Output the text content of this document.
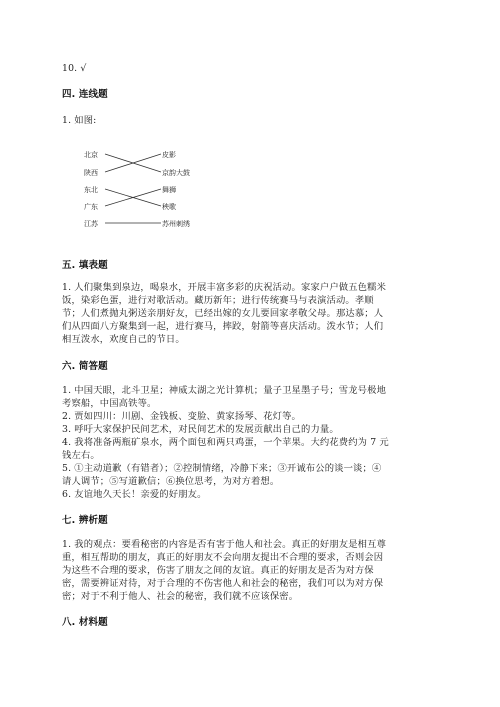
10. √
四. 连线题
1. 如图:
北京
陕西
东北
广东
江苏
皮影
京韵大鼓
舞狮
秧歌
苏州刺绣
五. 填表题
1. 人们聚集到泉边，喝泉水，开展丰富多彩的庆祝活动。家家户户做五色糯米
饭，染彩色蛋，进行对歌活动。藏历新年；进行传统赛马与表演活动。孝顺
节；人们煮抛丸粥送亲朋好友，已经出嫁的女儿要回家孝敬父母。那达慕；人
们从四面八方聚集到一起，进行赛马，摔跤，射箭等喜庆活动。泼水节；人们
相互泼水，欢度自己的节日。
六. 简答题
1. 中国天眼，北斗卫星；神威太湖之光计算机；量子卫星墨子号；雪龙号极地
考察船，中国高铁等。
2. 贾如四川：川剧、金钱板、变脸、黄家扬琴、花灯等。
3. 呼吁大家保护民间艺术，对民间艺术的发展贡献出自己的力量。
4. 我将准备两瓶矿泉水，两个面包和两只鸡蛋，一个苹果。大约花费约为 7 元
钱左右。
5. ①主动道歉（有错者）；②控制情绪，冷静下来；③开诚布公的谈一谈；④
请人调节；⑤写道歉信；⑥换位思考，为对方着想。
6. 友谊地久天长！亲爱的好朋友。
七. 辨析题
1. 我的观点：要看秘密的内容是否有害于他人和社会。真正的好朋友是相互尊
重，相互帮助的朋友，真正的好朋友不会向朋友提出不合理的要求，否则会因
为这些不合理的要求，伤害了朋友之间的友谊。真正的好朋友是否为对方保
密，需要辨证对待，对于合理的不伤害他人和社会的秘密，我们可以为对方保
密；对于不利于他人、社会的秘密，我们就不应该保密。
八. 材料题
